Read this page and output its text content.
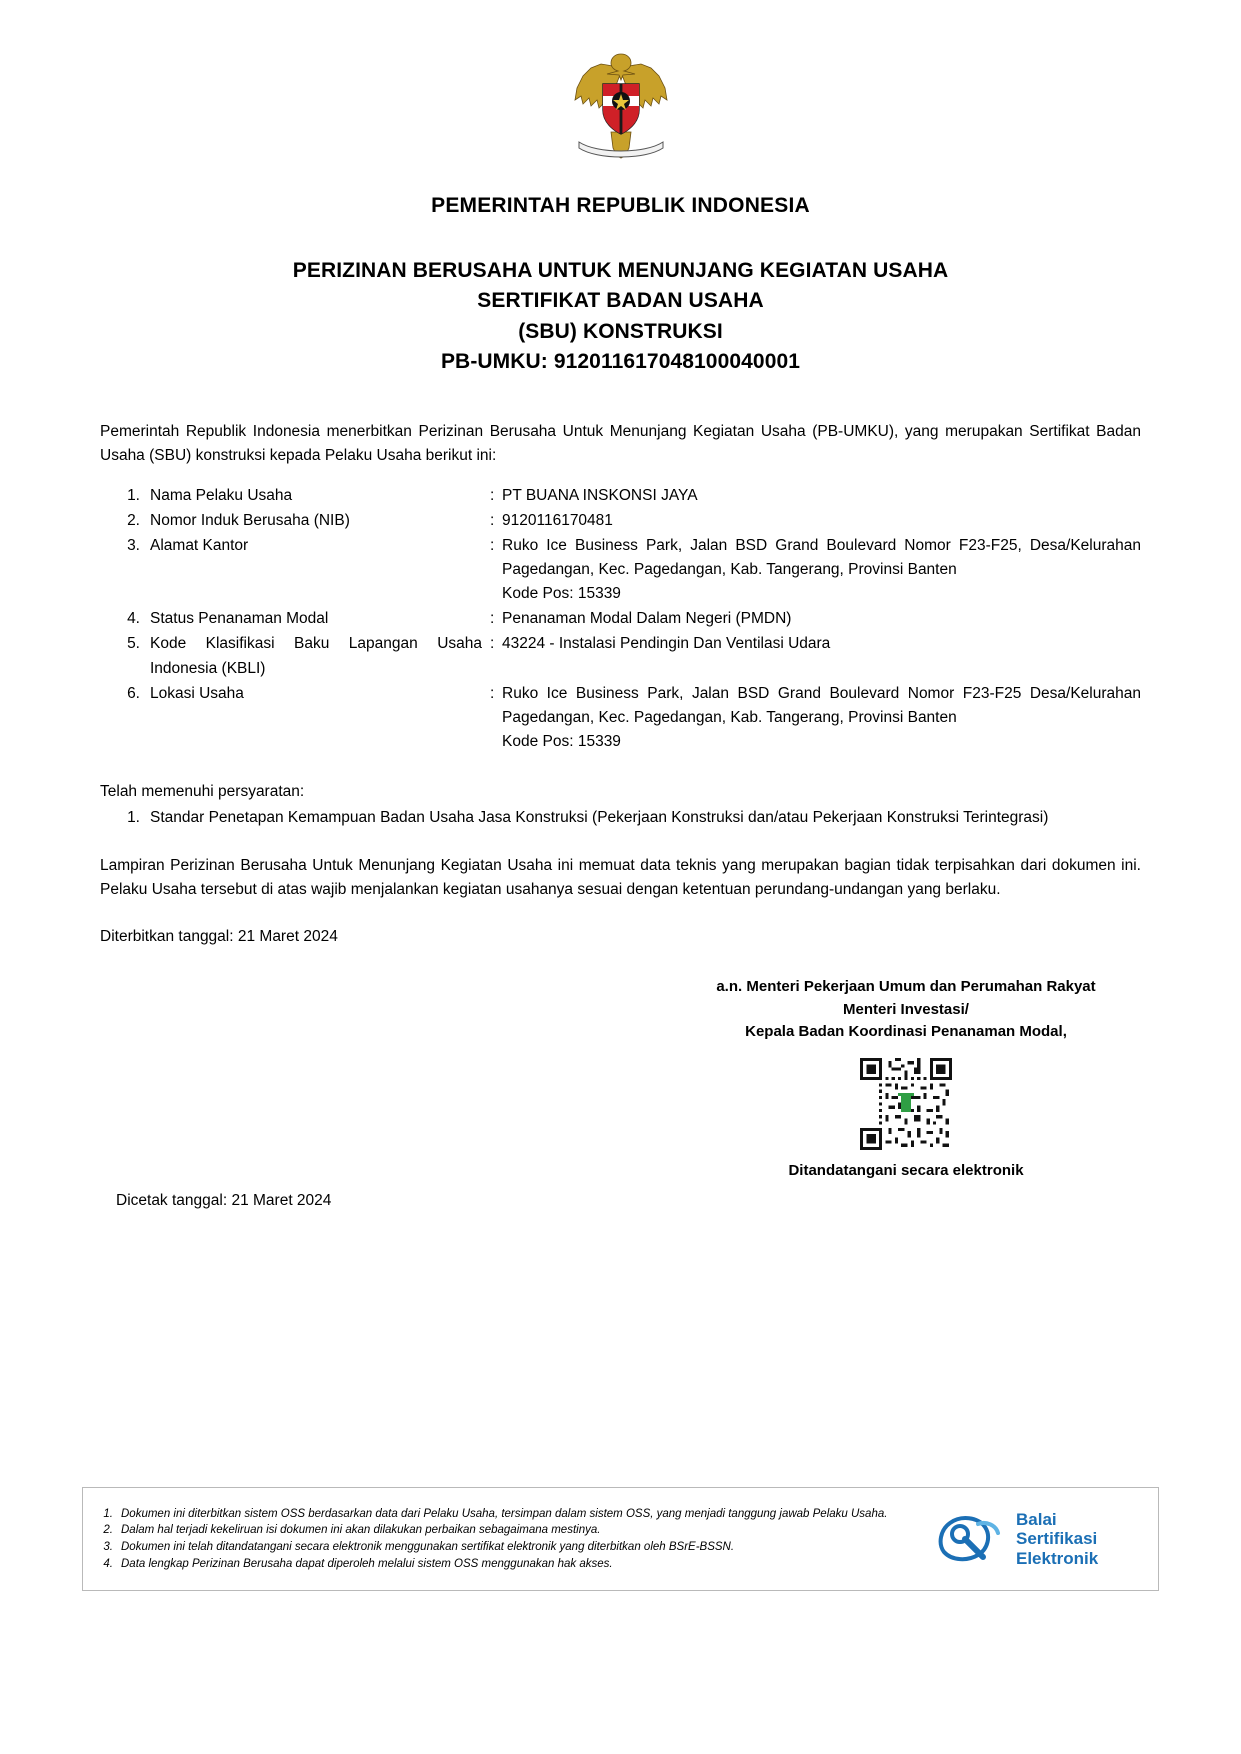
PEMERINTAH REPUBLIK INDONESIA
PERIZINAN BERUSAHA UNTUK MENUNJANG KEGIATAN USAHA
SERTIFIKAT BADAN USAHA
(SBU) KONSTRUKSI
PB-UMKU: 912011617048100040001
Pemerintah Republik Indonesia menerbitkan Perizinan Berusaha Untuk Menunjang Kegiatan Usaha (PB-UMKU), yang merupakan Sertifikat Badan Usaha (SBU) konstruksi kepada Pelaku Usaha berikut ini:
1. Nama Pelaku Usaha	: PT BUANA INSKONSI JAYA
2. Nomor Induk Berusaha (NIB)	: 9120116170481
3. Alamat Kantor	: Ruko Ice Business Park, Jalan BSD Grand Boulevard Nomor F23-F25, Desa/Kelurahan Pagedangan, Kec. Pagedangan, Kab. Tangerang, Provinsi Banten
Kode Pos: 15339
4. Status Penanaman Modal	: Penanaman Modal Dalam Negeri (PMDN)
5. Kode Klasifikasi Baku Lapangan Usaha : 43224 - Instalasi Pendingin Dan Ventilasi Udara
Indonesia (KBLI)
6. Lokasi Usaha	: Ruko Ice Business Park, Jalan BSD Grand Boulevard Nomor F23-F25 Desa/Kelurahan Pagedangan, Kec. Pagedangan, Kab. Tangerang, Provinsi Banten
Kode Pos: 15339
Telah memenuhi persyaratan:
1. Standar Penetapan Kemampuan Badan Usaha Jasa Konstruksi (Pekerjaan Konstruksi dan/atau Pekerjaan Konstruksi Terintegrasi)
Lampiran Perizinan Berusaha Untuk Menunjang Kegiatan Usaha ini memuat data teknis yang merupakan bagian tidak terpisahkan dari dokumen ini. Pelaku Usaha tersebut di atas wajib menjalankan kegiatan usahanya sesuai dengan ketentuan perundang-undangan yang berlaku.
Diterbitkan tanggal: 21 Maret 2024
a.n. Menteri Pekerjaan Umum dan Perumahan Rakyat
Menteri Investasi/
Kepala Badan Koordinasi Penanaman Modal,
Ditandatangani secara elektronik
Dicetak tanggal: 21 Maret 2024
1. Dokumen ini diterbitkan sistem OSS berdasarkan data dari Pelaku Usaha, tersimpan dalam sistem OSS, yang menjadi tanggung jawab Pelaku Usaha.
2. Dalam hal terjadi kekeliruan isi dokumen ini akan dilakukan perbaikan sebagaimana mestinya.
3. Dokumen ini telah ditandatangani secara elektronik menggunakan sertifikat elektronik yang diterbitkan oleh BSrE-BSSN.
4. Data lengkap Perizinan Berusaha dapat diperoleh melalui sistem OSS menggunakan hak akses.
Balai
Sertifikasi
Elektronik
